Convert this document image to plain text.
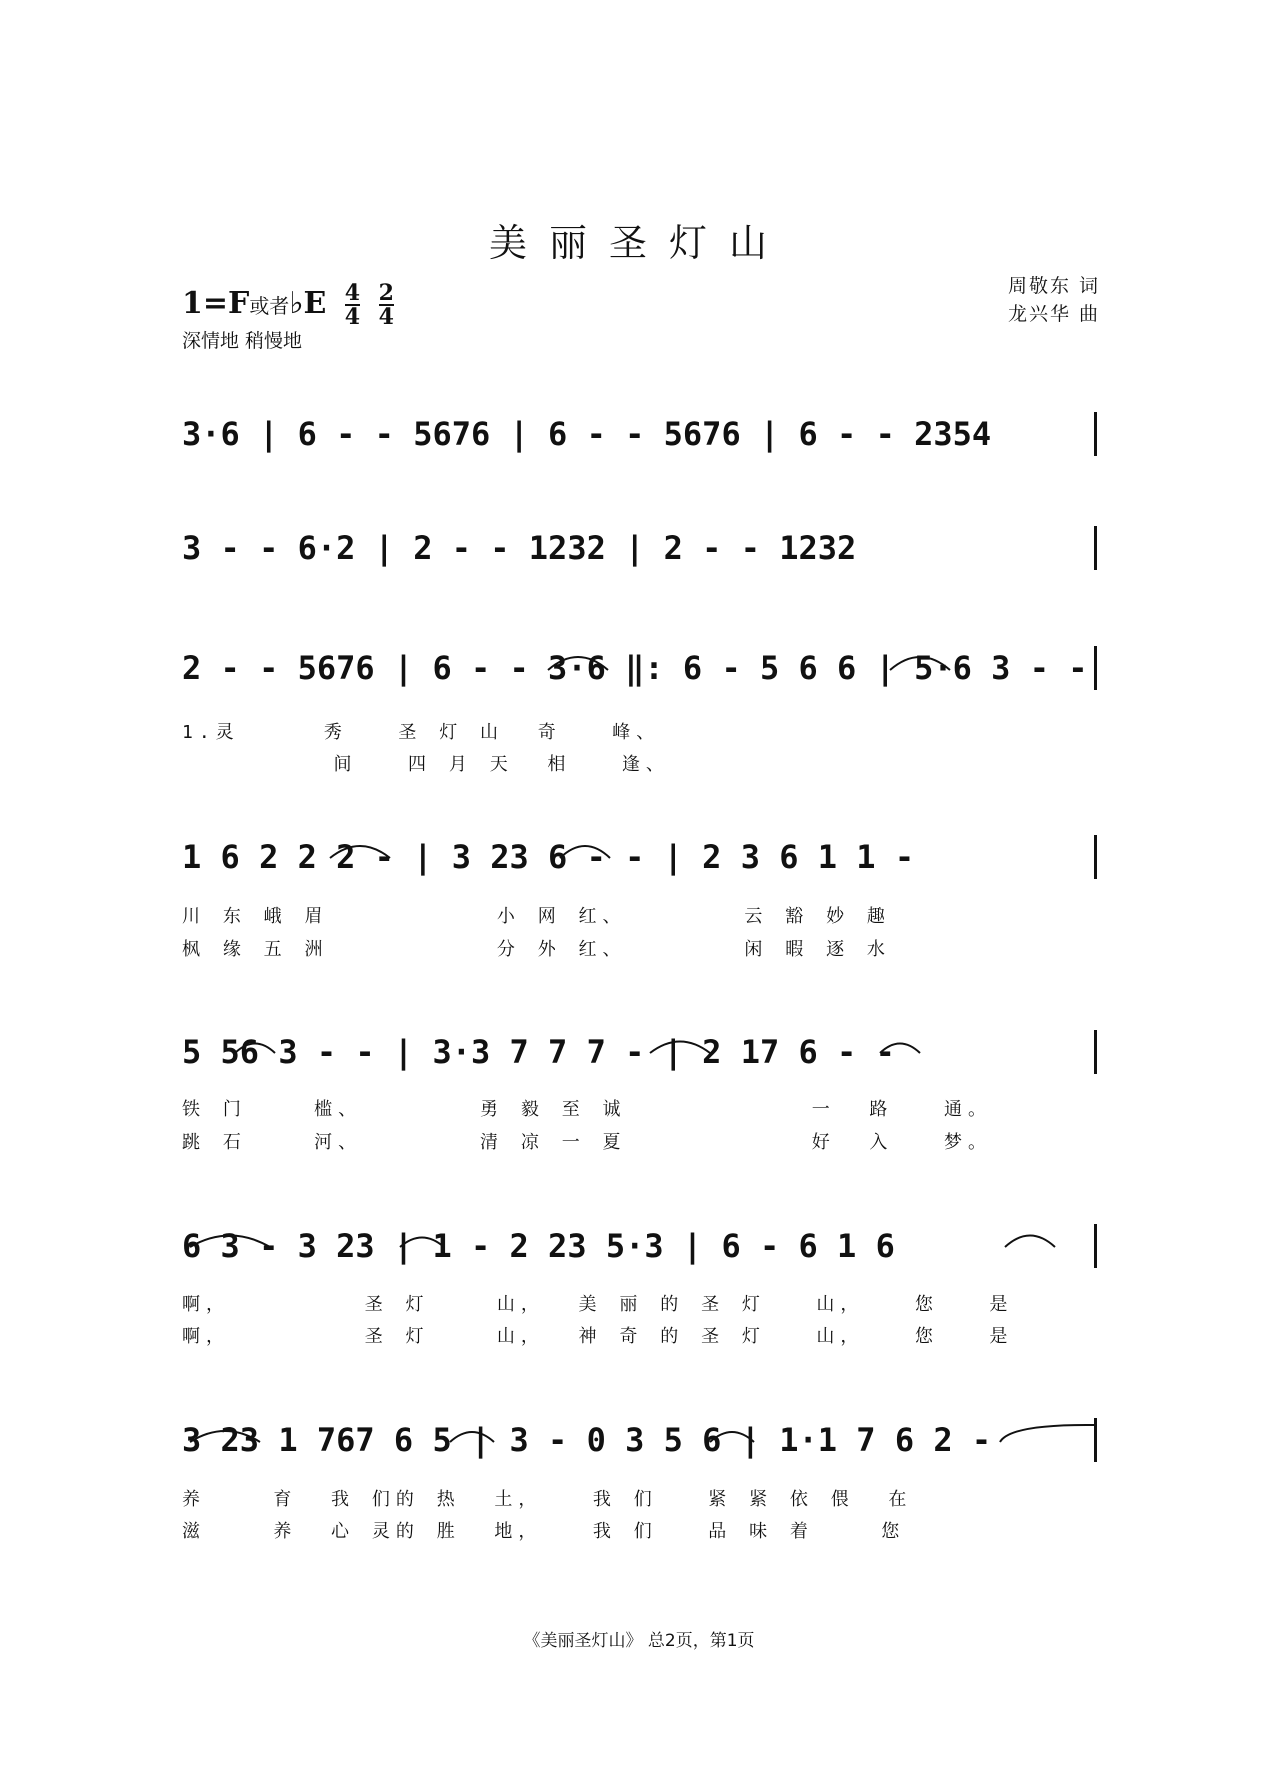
美丽圣灯山
1=F或者♭E $\frac{4}{4}$
$\frac{2}{4}$
深情地 稍慢地
周敬东 词
龙兴华 曲
3·6 | 6 - - 5676 | 6 - - 5676 | 6 - - 2354
3 - - 6·2 | 2 - - 1232 | 2 - - 1232
2 - - 5676 | 6 - - 3·6 ‖: 6 - 5 6 6 | 5·6 3 - -
1.灵     秀   圣 灯 山  奇   峰、
间   四 月 天  相   逢、
1 6 2 2 2 - | 3 23 6 - - | 2 3 6 1 1 -
川 东 峨 眉          小 网 红、       云 豁 妙 趣
枫 缘 五 洲          分 外 红、       闲 暇 逐 水
5 56 3 - - | 3·3 7 7 7 - | 2 17 6 - -
铁 门    槛、       勇 毅 至 诚           一  路   通。
跳 石    河、       清 凉 一 夏           好  入   梦。
6 3 - 3 23 | 1 - 2 23 5·3 | 6 - 6 1 6
啊，        圣 灯    山，  美 丽 的 圣 灯   山，   您   是
啊，        圣 灯    山，  神 奇 的 圣 灯   山，   您   是
3 23 1 767 6 5 | 3 - 0 3 5 6 | 1·1 7 6 2 -
养    育  我 们的 热  土，   我 们   紧 紧 依 偎  在
滋    养  心 灵的 胜  地，   我 们   品 味 着    您
《美丽圣灯山》 总2页，第1页
